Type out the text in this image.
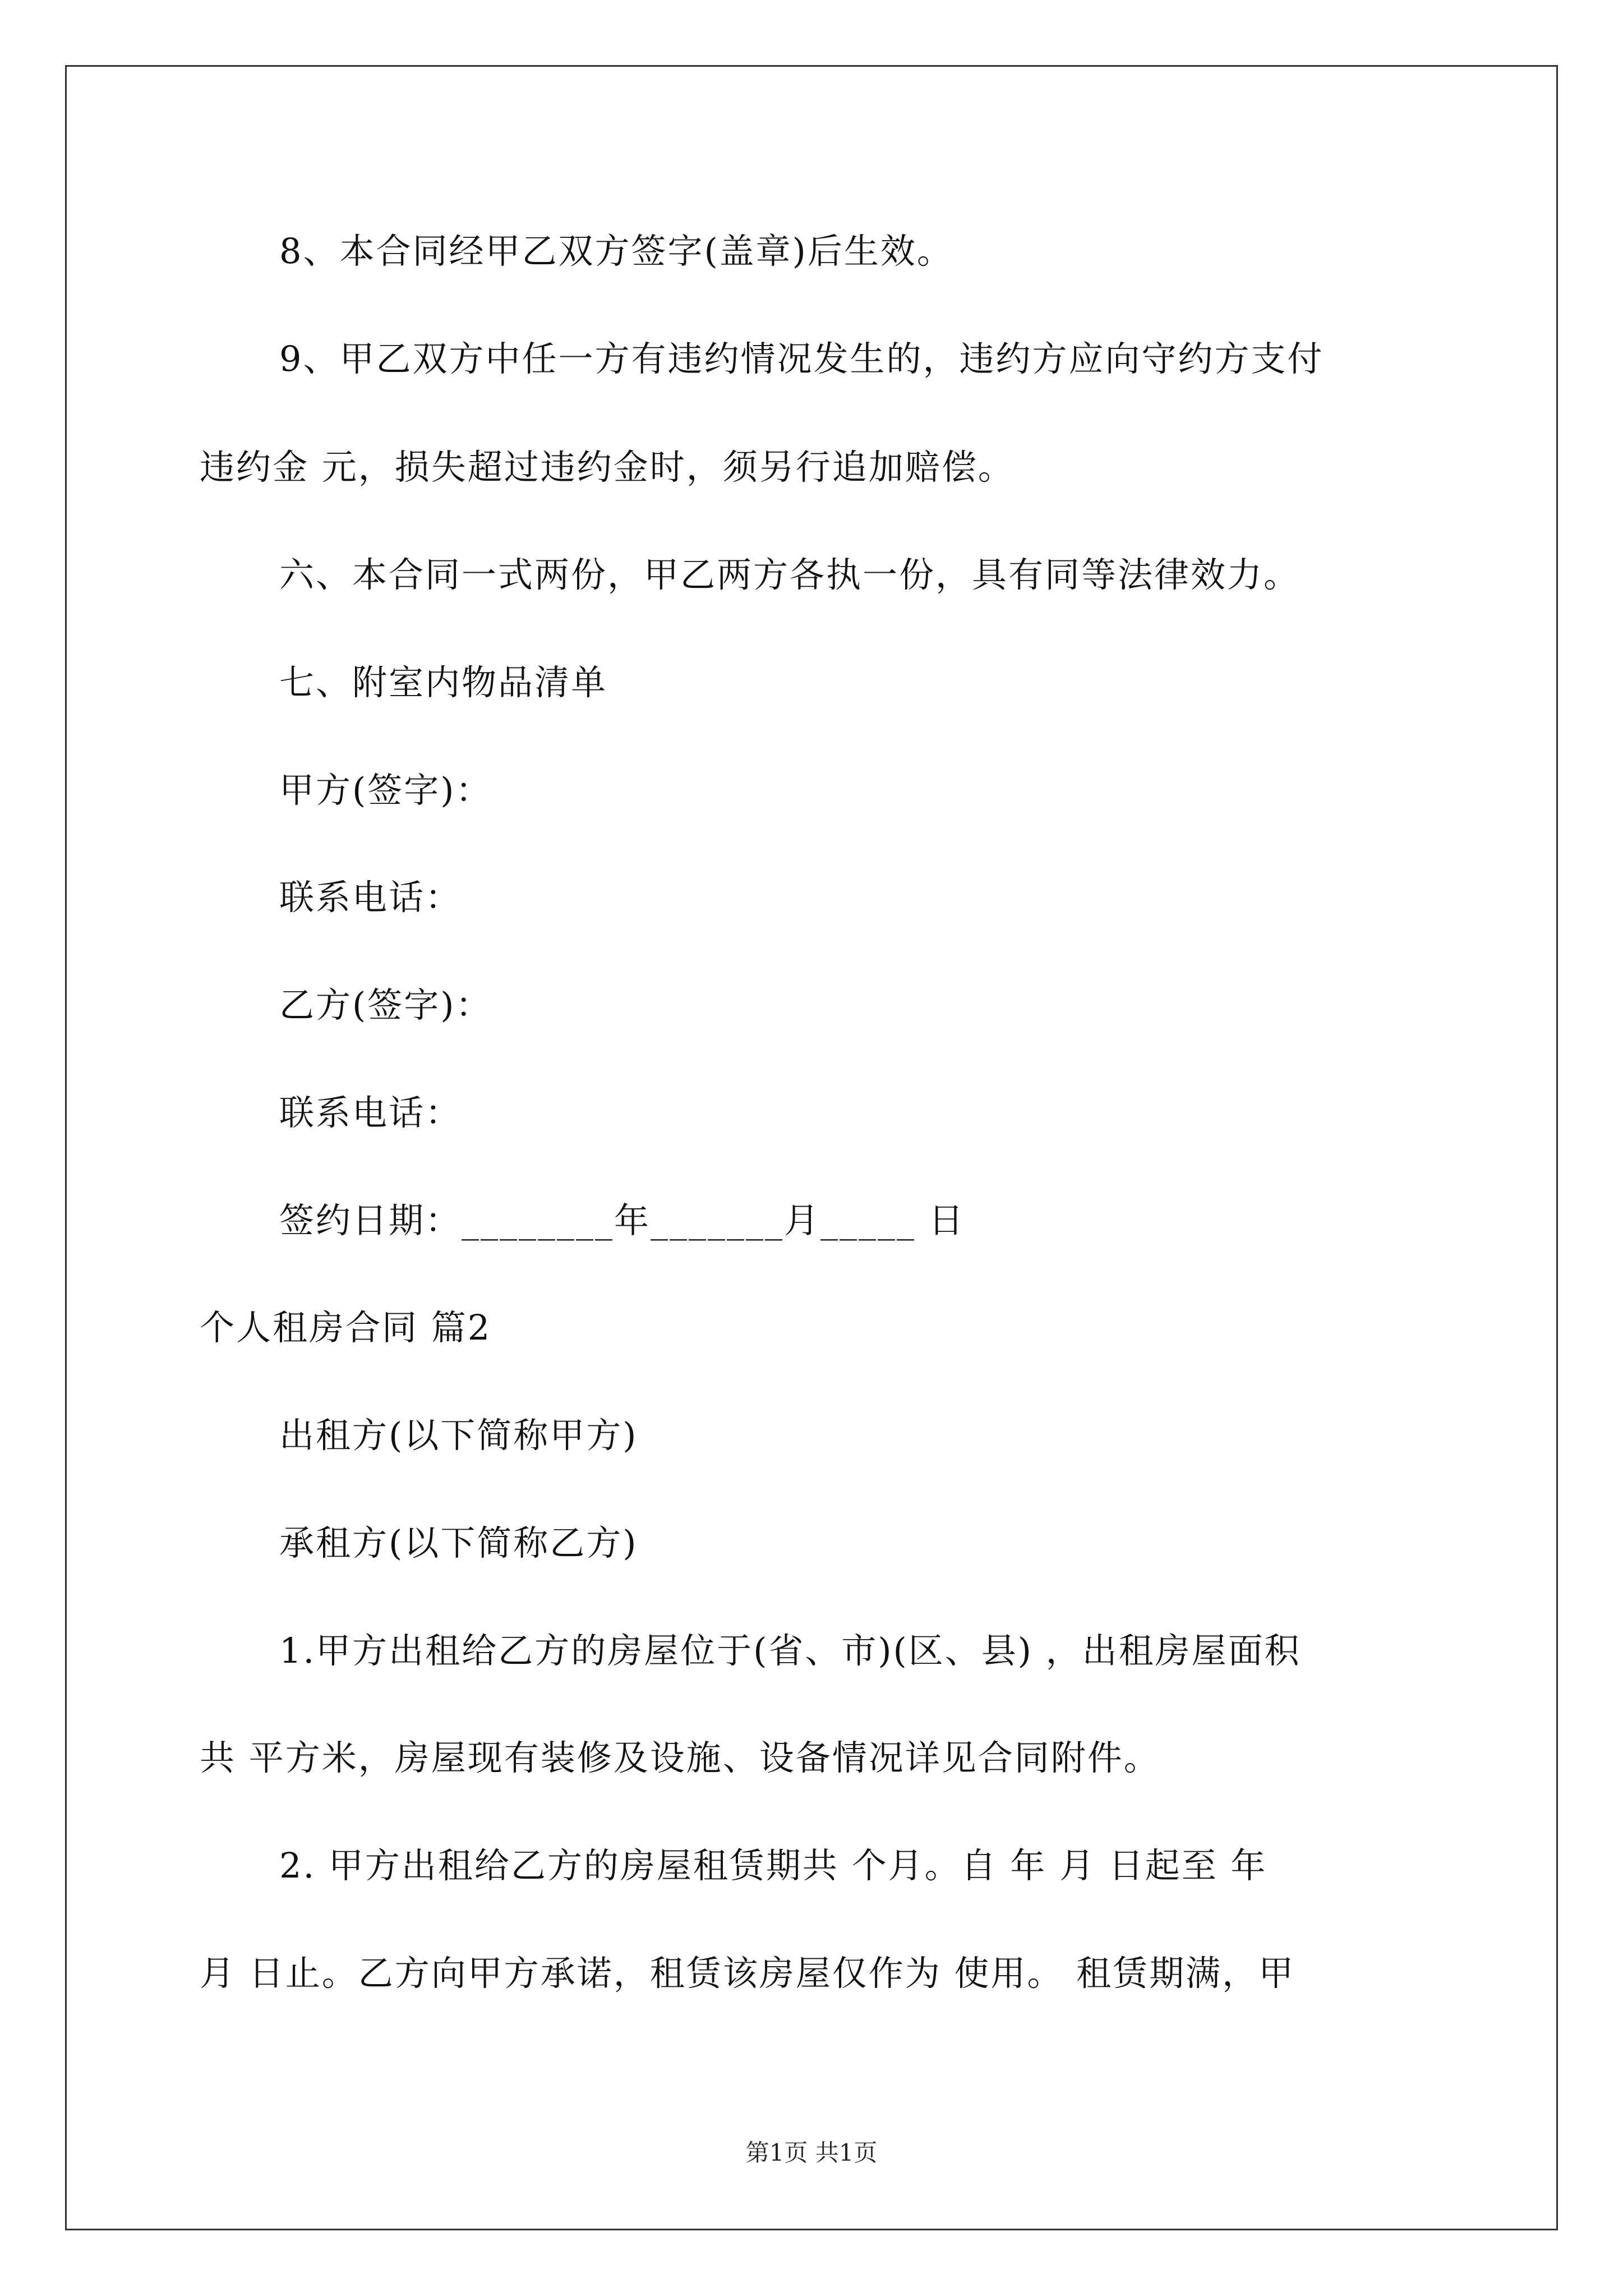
8、本合同经甲乙双方签字(盖章)后生效。
9、甲乙双方中任一方有违约情况发生的，违约方应向守约方支付
违约金 元，损失超过违约金时，须另行追加赔偿。
六、本合同一式两份，甲乙两方各执一份，具有同等法律效力。
七、附室内物品清单
甲方(签字)：
联系电话：
乙方(签字)：
联系电话：
签约日期：________年_______月_____ 日
个人租房合同 篇2
出租方(以下简称甲方)
承租方(以下简称乙方)
1.甲方出租给乙方的房屋位于(省、市)(区、县) ，出租房屋面积
共 平方米，房屋现有装修及设施、设备情况详见合同附件。
2. 甲方出租给乙方的房屋租赁期共 个月。自 年 月 日起至 年
月 日止。乙方向甲方承诺，租赁该房屋仅作为 使用。 租赁期满，甲
第1页 共1页
